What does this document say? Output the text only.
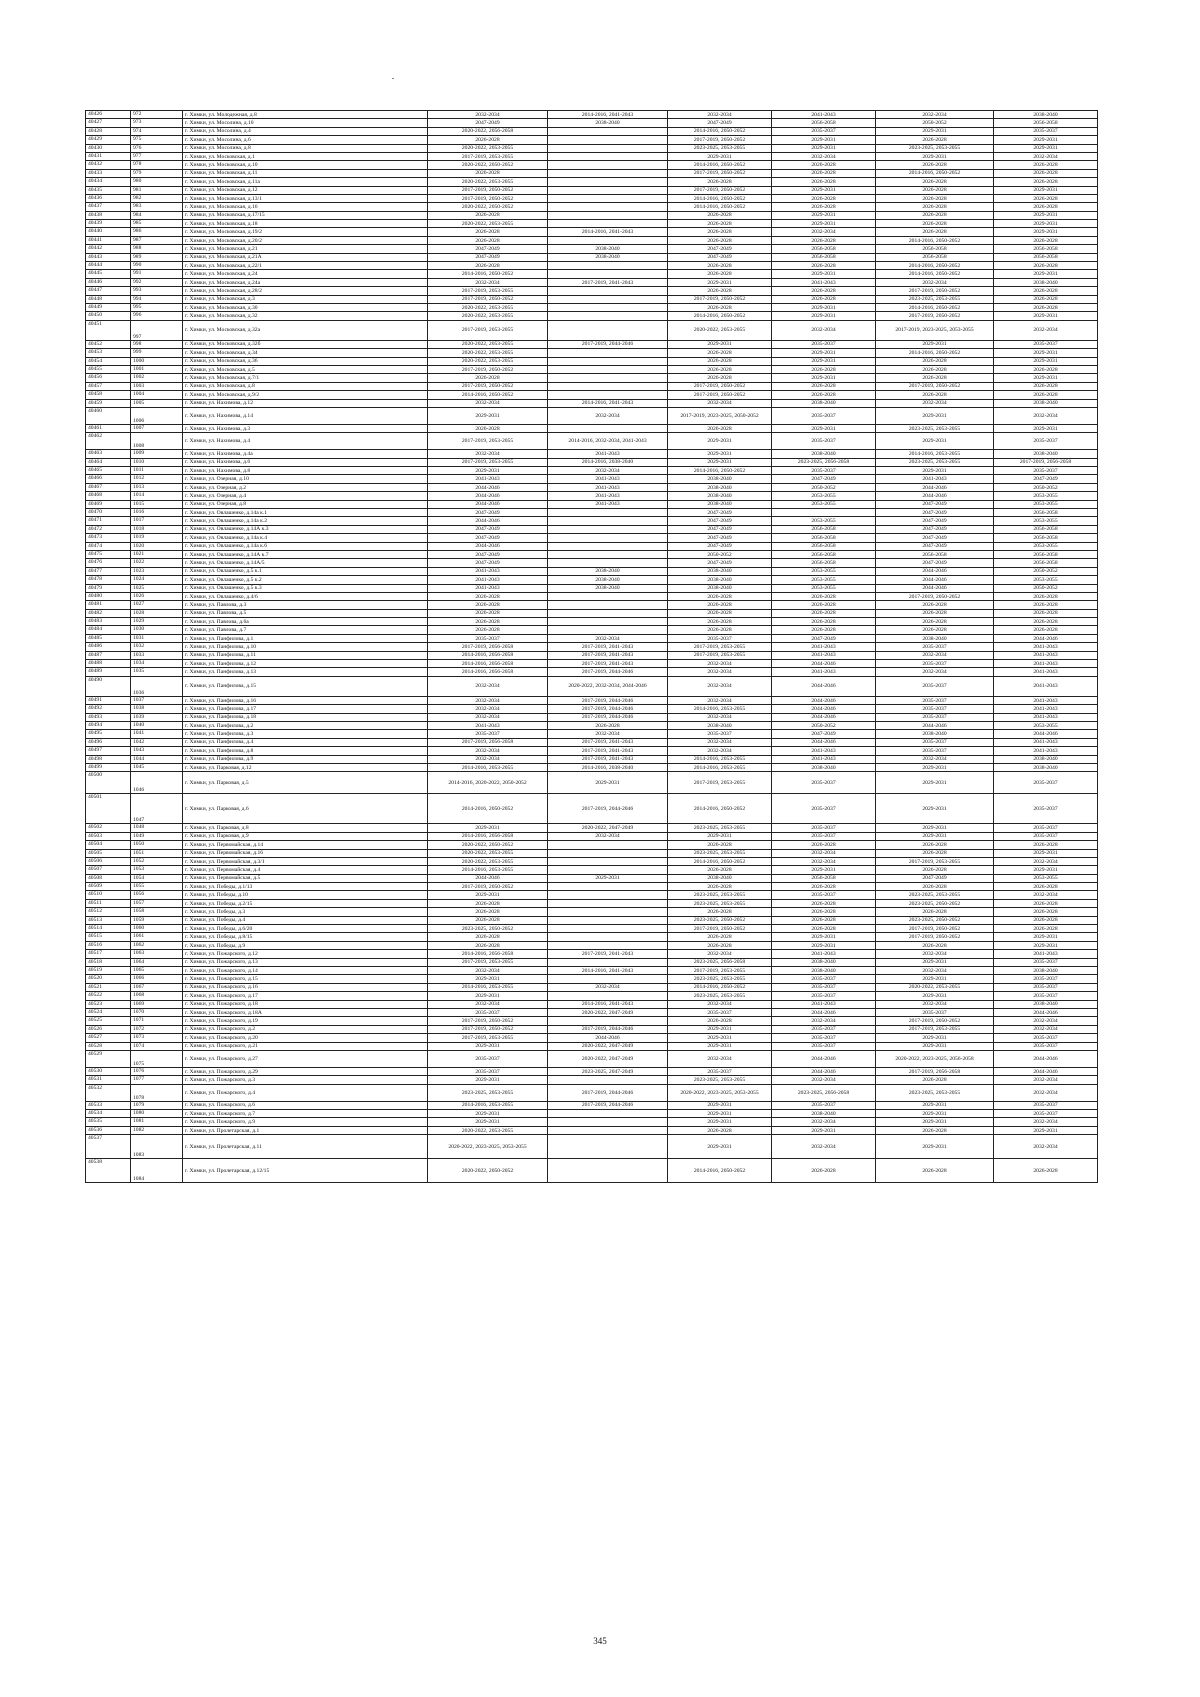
40426	972	г. Химки, ул. Молодежная, д.8	2032-2034	2014-2016, 2041-2043	2032-2034	2041-2043	2032-2034	2038-2040
40427	973	г. Химки, ул. Мосолина, д.10	2047-2049	2038-2040	2047-2049	2056-2058	2050-2052	2056-2058
40428	974	г. Химки, ул. Мосолина, д.4	2020-2022, 2056-2058		2014-2016, 2050-2052	2035-2037	2029-2031	2035-2037
40429	975	г. Химки, ул. Мосолина, д.6	2026-2028		2017-2019, 2050-2052	2029-2031	2026-2028	2029-2031
40430	976	г. Химки, ул. Мосолина, д.8	2020-2022, 2053-2055		2023-2025, 2053-2055	2029-2031	2023-2025, 2053-2055	2029-2031
40431	977	г. Химки, ул. Московская, д.1	2017-2019, 2053-2055		2029-2031	2032-2034	2029-2031	2032-2034
40432	978	г. Химки, ул. Московская, д.10	2020-2022, 2050-2052		2014-2016, 2050-2052	2026-2028	2026-2028	2026-2028
40433	979	г. Химки, ул. Московская, д.11	2026-2028		2017-2019, 2050-2052	2026-2028	2014-2016, 2050-2052	2026-2028
40434	980	г. Химки, ул. Московская, д.11а	2020-2022, 2053-2055		2026-2028	2026-2028	2026-2028	2026-2028
40435	981	г. Химки, ул. Московская, д.12	2017-2019, 2050-2052		2017-2019, 2050-2052	2029-2031	2026-2028	2029-2031
40436	982	г. Химки, ул. Московская, д.13/1	2017-2019, 2050-2052		2014-2016, 2050-2052	2026-2028	2026-2028	2026-2028
40437	983	г. Химки, ул. Московская, д.16	2020-2022, 2050-2052		2014-2016, 2050-2052	2026-2028	2026-2028	2026-2028
40438	984	г. Химки, ул. Московская, д.17/15	2026-2028		2026-2028	2029-2031	2026-2028	2029-2031
40439	985	г. Химки, ул. Московская, д.18	2020-2022, 2053-2055		2026-2028	2029-2031	2026-2028	2029-2031
40440	986	г. Химки, ул. Московская, д.19/2	2026-2028	2014-2016, 2041-2043	2026-2028	2032-2034	2026-2028	2029-2031
40441	987	г. Химки, ул. Московская, д.20/2	2026-2028		2026-2028	2026-2028	2014-2016, 2050-2052	2026-2028
40442	988	г. Химки, ул. Московская, д.21	2047-2049	2038-2040	2047-2049	2056-2058	2056-2058	2056-2058
40443	989	г. Химки, ул. Московская, д.21А	2047-2049	2038-2040	2047-2049	2056-2058	2056-2058	2056-2058
40444	990	г. Химки, ул. Московская, д.22/1	2026-2028		2026-2028	2026-2028	2014-2016, 2050-2052	2026-2028
40445	991	г. Химки, ул. Московская, д.24	2014-2016, 2050-2052		2026-2028	2029-2031	2014-2016, 2050-2052	2029-2031
40446	992	г. Химки, ул. Московская, д.24а	2032-2034	2017-2019, 2041-2043	2029-2031	2041-2043	2032-2034	2038-2040
40447	993	г. Химки, ул. Московская, д.28/2	2017-2019, 2053-2055		2026-2028	2026-2028	2017-2019, 2050-2052	2026-2028
40448	994	г. Химки, ул. Московская, д.3	2017-2019, 2050-2052		2017-2019, 2050-2052	2026-2028	2023-2025, 2053-2055	2026-2028
40449	995	г. Химки, ул. Московская, д.30	2020-2022, 2053-2055		2026-2028	2029-2031	2014-2016, 2050-2052	2026-2028
40450	996	г. Химки, ул. Московская, д.32	2020-2022, 2053-2055		2014-2016, 2050-2052	2029-2031	2017-2019, 2050-2052	2029-2031
40451	997	г. Химки, ул. Московская, д.32а	2017-2019, 2053-2055		2020-2022, 2053-2055	2032-2034	2017-2019, 2023-2025, 2053-2055	2032-2034
40452	998	г. Химки, ул. Московская, д.32б	2020-2022, 2053-2055	2017-2019, 2044-2046	2029-2031	2035-2037	2029-2031	2035-2037
40453	999	г. Химки, ул. Московская, д.34	2020-2022, 2053-2055		2026-2028	2029-2031	2014-2016, 2050-2052	2029-2031
40454	1000	г. Химки, ул. Московская, д.36	2020-2022, 2053-2055		2026-2028	2029-2031	2026-2028	2029-2031
40455	1001	г. Химки, ул. Московская, д.5	2017-2019, 2050-2052		2026-2028	2026-2028	2026-2028	2026-2028
40456	1002	г. Химки, ул. Московская, д.7/1	2026-2028		2026-2028	2029-2031	2026-2028	2029-2031
40457	1003	г. Химки, ул. Московская, д.8	2017-2019, 2050-2052		2017-2019, 2050-2052	2026-2028	2017-2019, 2050-2052	2026-2028
40458	1004	г. Химки, ул. Московская, д.9/2	2014-2016, 2050-2052		2017-2019, 2050-2052	2026-2028	2026-2028	2026-2028
40459	1005	г. Химки, ул. Нахимова, д.12	2032-2034	2014-2016, 2041-2043	2032-2034	2038-2040	2032-2034	2038-2040
40460	1006	г. Химки, ул. Нахимова, д.14	2029-2031	2032-2034	2017-2019, 2023-2025, 2050-2052	2035-2037	2029-2031	2032-2034
40461	1007	г. Химки, ул. Нахимова, д.3	2026-2028		2026-2028	2029-2031	2023-2025, 2053-2055	2029-2031
40462	1008	г. Химки, ул. Нахимова, д.4	2017-2019, 2053-2055	2014-2016, 2032-2034, 2041-2043	2029-2031	2035-2037	2029-2031	2035-2037
40463	1009	г. Химки, ул. Нахимова, д.4а	2032-2034	2041-2043	2029-2031	2038-2040	2014-2016, 2053-2055	2038-2040
40464	1010	г. Химки, ул. Нахимова, д.6	2017-2019, 2053-2055	2014-2016, 2038-2040	2029-2031	2023-2025, 2056-2058	2023-2025, 2053-2055	2017-2019, 2056-2058
40465	1011	г. Химки, ул. Нахимова, д.8	2029-2031	2032-2034	2014-2016, 2050-2052	2035-2037	2029-2031	2035-2037
40466	1012	г. Химки, ул. Озерная, д.10	2041-2043	2041-2043	2038-2040	2047-2049	2041-2043	2047-2049
40467	1013	г. Химки, ул. Озерная, д.2	2044-2046	2041-2043	2038-2040	2050-2052	2044-2046	2050-2052
40468	1014	г. Химки, ул. Озерная, д.4	2044-2046	2041-2043	2038-2040	2053-2055	2044-2046	2053-2055
40469	1015	г. Химки, ул. Озерная, д.8	2044-2046	2041-2043	2038-2040	2053-2055	2047-2049	2053-2055
40470	1016	г. Химки, ул. Овлашенко, д.14а к.1	2047-2049		2047-2049		2047-2049	2056-2058
40471	1017	г. Химки, ул. Овлашенко, д.14а к.2	2044-2046		2047-2049	2053-2055	2047-2049	2053-2055
40472	1018	г. Химки, ул. Овлашенко, д.14А к.3	2047-2049		2047-2049	2056-2058	2047-2049	2056-2058
40473	1019	г. Химки, ул. Овлашенко, д.14а к.4	2047-2049		2047-2049	2056-2058	2047-2049	2056-2058
40474	1020	г. Химки, ул. Овлашенко, д.14а к.6	2044-2046		2047-2049	2056-2058	2047-2049	2053-2055
40475	1021	г. Химки, ул. Овлашенко, д.14А к.7	2047-2049		2050-2052	2056-2058	2056-2058	2056-2058
40476	1022	г. Химки, ул. Овлашенко, д.14А/5	2047-2049		2047-2049	2056-2058	2047-2049	2056-2058
40477	1023	г. Химки, ул. Овлашенко, д.5 к.1	2041-2043	2038-2040	2038-2040	2053-2055	2044-2046	2050-2052
40478	1024	г. Химки, ул. Овлашенко, д.5 к.2	2041-2043	2038-2040	2038-2040	2053-2055	2044-2046	2053-2055
40479	1025	г. Химки, ул. Овлашенко, д.5 к.3	2041-2043	2038-2040	2038-2040	2053-2055	2044-2046	2050-2052
40480	1026	г. Химки, ул. Овлашенко, д.4/6	2026-2028		2026-2028	2026-2028	2017-2019, 2050-2052	2026-2028
40481	1027	г. Химки, ул. Павлова, д.3	2026-2028		2026-2028	2026-2028	2026-2028	2026-2028
40482	1028	г. Химки, ул. Павлова, д.5	2026-2028		2026-2028	2026-2028	2026-2028	2026-2028
40483	1029	г. Химки, ул. Павлова, д.6а	2026-2028		2026-2028	2026-2028	2026-2028	2026-2028
40484	1030	г. Химки, ул. Павлова, д.7	2026-2028		2026-2028	2026-2028	2026-2028	2026-2028
40485	1031	г. Химки, ул. Панфилова, д.1	2035-2037	2032-2034	2035-2037	2047-2049	2038-2040	2044-2046
40486	1032	г. Химки, ул. Панфилова, д.10	2017-2019, 2056-2058	2017-2019, 2041-2043	2017-2019, 2053-2055	2041-2043	2035-2037	2041-2043
40487	1033	г. Химки, ул. Панфилова, д.11	2014-2016, 2056-2058	2017-2019, 2041-2043	2017-2019, 2053-2055	2041-2043	2032-2034	2041-2043
40488	1034	г. Химки, ул. Панфилова, д.12	2014-2016, 2056-2058	2017-2019, 2041-2043	2032-2034	2044-2046	2035-2037	2041-2043
40489	1035	г. Химки, ул. Панфилова, д.13	2014-2016, 2056-2058	2017-2019, 2044-2046	2032-2034	2041-2043	2032-2034	2041-2043
40490	1036	г. Химки, ул. Панфилова, д.15	2032-2034	2020-2022, 2032-2034, 2044-2046	2032-2034	2044-2046	2035-2037	2041-2043
40491	1037	г. Химки, ул. Панфилова, д.16	2032-2034	2017-2019, 2044-2046	2032-2034	2044-2046	2035-2037	2041-2043
40492	1038	г. Химки, ул. Панфилова, д.17	2032-2034	2017-2019, 2044-2046	2014-2016, 2053-2055	2044-2046	2035-2037	2041-2043
40493	1039	г. Химки, ул. Панфилова, д.18	2032-2034	2017-2019, 2044-2046	2032-2034	2044-2046	2035-2037	2041-2043
40494	1040	г. Химки, ул. Панфилова, д.2	2041-2043	2026-2028	2038-2040	2050-2052	2044-2046	2053-2055
40495	1041	г. Химки, ул. Панфилова, д.3	2035-2037	2032-2034	2035-2037	2047-2049	2038-2040	2044-2046
40496	1042	г. Химки, ул. Панфилова, д.4	2017-2019, 2056-2058	2017-2019, 2041-2043	2032-2034	2044-2046	2035-2037	2041-2043
40497	1043	г. Химки, ул. Панфилова, д.8	2032-2034	2017-2019, 2041-2043	2032-2034	2041-2043	2035-2037	2041-2043
40498	1044	г. Химки, ул. Панфилова, д.9	2032-2034	2017-2019, 2041-2043	2014-2016, 2053-2055	2041-2043	2032-2034	2038-2040
40499	1045	г. Химки, ул. Парковая, д.12	2014-2016, 2053-2055	2014-2016, 2038-2040	2014-2016, 2053-2055	2038-2040	2029-2031	2038-2040
40500	1046	г. Химки, ул. Парковая, д.5	2014-2016, 2020-2022, 2050-2052	2029-2031	2017-2019, 2053-2055	2035-2037	2029-2031	2035-2037
40501	1047	г. Химки, ул. Парковая, д.6	2014-2016, 2050-2052	2017-2019, 2044-2046	2014-2016, 2050-2052	2035-2037	2029-2031	2035-2037
40502	1048	г. Химки, ул. Парковая, д.8	2029-2031	2020-2022, 2047-2049	2023-2025, 2053-2055	2035-2037	2029-2031	2035-2037
40503	1049	г. Химки, ул. Парковая, д.9	2014-2016, 2056-2058	2032-2034	2029-2031	2035-2037	2029-2031	2035-2037
40504	1050	г. Химки, ул. Первомайская, д.14	2020-2022, 2050-2052		2026-2028	2026-2028	2026-2028	2026-2028
40505	1051	г. Химки, ул. Первомайская, д.16	2020-2022, 2053-2055		2023-2025, 2053-2055	2032-2034	2026-2028	2029-2031
40506	1052	г. Химки, ул. Первомайская, д.3/1	2020-2022, 2053-2055		2014-2016, 2050-2052	2032-2034	2017-2019, 2053-2055	2032-2034
40507	1053	г. Химки, ул. Первомайская, д.4	2014-2016, 2053-2055		2026-2028	2029-2031	2026-2028	2029-2031
40508	1054	г. Химки, ул. Первомайская, д.5	2044-2046	2029-2031	2038-2040	2056-2058	2047-2049	2053-2055
40509	1055	г. Химки, ул. Победы, д.1/13	2017-2019, 2050-2052		2026-2028	2026-2028	2026-2028	2026-2028
40510	1056	г. Химки, ул. Победы, д.10	2029-2031		2023-2025, 2053-2055	2035-2037	2023-2025, 2053-2055	2032-2034
40511	1057	г. Химки, ул. Победы, д.2/15	2026-2028		2023-2025, 2053-2055	2026-2028	2023-2025, 2050-2052	2026-2028
40512	1058	г. Химки, ул. Победы, д.3	2026-2028		2026-2028	2026-2028	2026-2028	2026-2028
40513	1059	г. Химки, ул. Победы, д.4	2026-2028		2023-2025, 2050-2052	2026-2028	2023-2025, 2050-2052	2026-2028
40514	1060	г. Химки, ул. Победы, д.6/20	2023-2025, 2050-2052		2017-2019, 2050-2052	2026-2028	2017-2019, 2050-2052	2026-2028
40515	1061	г. Химки, ул. Победы, д.8/15	2026-2028		2026-2028	2029-2031	2017-2019, 2050-2052	2029-2031
40516	1062	г. Химки, ул. Победы, д.9	2026-2028		2026-2028	2029-2031	2026-2028	2029-2031
40517	1063	г. Химки, ул. Пожарского, д.12	2014-2016, 2056-2058	2017-2019, 2041-2043	2032-2034	2041-2043	2032-2034	2041-2043
40518	1064	г. Химки, ул. Пожарского, д.13	2017-2019, 2053-2055		2023-2025, 2056-2058	2038-2040	2029-2031	2035-2037
40519	1065	г. Химки, ул. Пожарского, д.14	2032-2034	2014-2016, 2041-2043	2017-2019, 2053-2055	2038-2040	2032-2034	2038-2040
40520	1066	г. Химки, ул. Пожарского, д.15	2029-2031		2023-2025, 2053-2055	2035-2037	2029-2031	2035-2037
40521	1067	г. Химки, ул. Пожарского, д.16	2014-2016, 2053-2055	2032-2034	2014-2016, 2050-2052	2035-2037	2020-2022, 2053-2055	2035-2037
40522	1068	г. Химки, ул. Пожарского, д.17	2029-2031		2023-2025, 2053-2055	2035-2037	2029-2031	2035-2037
40523	1069	г. Химки, ул. Пожарского, д.18	2032-2034	2014-2016, 2041-2043	2032-2034	2041-2043	2032-2034	2038-2040
40524	1070	г. Химки, ул. Пожарского, д.18А	2035-2037	2020-2022, 2047-2049	2035-2037	2044-2046	2035-2037	2044-2046
40525	1071	г. Химки, ул. Пожарского, д.19	2017-2019, 2050-2052		2026-2028	2032-2034	2017-2019, 2050-2052	2032-2034
40526	1072	г. Химки, ул. Пожарского, д.2	2017-2019, 2050-2052	2017-2019, 2044-2046	2029-2031	2035-2037	2017-2019, 2053-2055	2032-2034
40527	1073	г. Химки, ул. Пожарского, д.20	2017-2019, 2053-2055	2044-2046	2029-2031	2035-2037	2029-2031	2035-2037
40528	1074	г. Химки, ул. Пожарского, д.21	2029-2031	2020-2022, 2047-2049	2029-2031	2035-2037	2029-2031	2035-2037
40529	1075	г. Химки, ул. Пожарского, д.27	2035-2037	2020-2022, 2047-2049	2032-2034	2044-2046	2020-2022, 2023-2025, 2056-2058	2044-2046
40530	1076	г. Химки, ул. Пожарского, д.29	2035-2037	2023-2025, 2047-2049	2035-2037	2044-2046	2017-2019, 2056-2058	2044-2046
40531	1077	г. Химки, ул. Пожарского, д.3	2029-2031		2023-2025, 2053-2055	2032-2034	2026-2028	2032-2034
40532	1078	г. Химки, ул. Пожарского, д.4	2023-2025, 2053-2055	2017-2019, 2044-2046	2020-2022, 2023-2025, 2053-2055	2023-2025, 2056-2058	2023-2025, 2053-2055	2032-2034
40533	1079	г. Химки, ул. Пожарского, д.6	2014-2016, 2053-2055	2017-2019, 2044-2046	2029-2031	2035-2037	2029-2031	2035-2037
40534	1080	г. Химки, ул. Пожарского, д.7	2029-2031		2029-2031	2038-2040	2029-2031	2035-2037
40535	1081	г. Химки, ул. Пожарского, д.9	2029-2031		2029-2031	2032-2034	2029-2031	2032-2034
40536	1082	г. Химки, ул. Пролетарская, д.1	2020-2022, 2053-2055		2026-2028	2029-2031	2026-2028	2029-2031
40537	1083	г. Химки, ул. Пролетарская, д.11	2020-2022, 2023-2025, 2053-2055		2029-2031	2032-2034	2029-2031	2032-2034
40538	1084	г. Химки, ул. Пролетарская, д.12/15	2020-2022, 2050-2052		2014-2016, 2050-2052	2026-2028	2026-2028	2026-2028
345
